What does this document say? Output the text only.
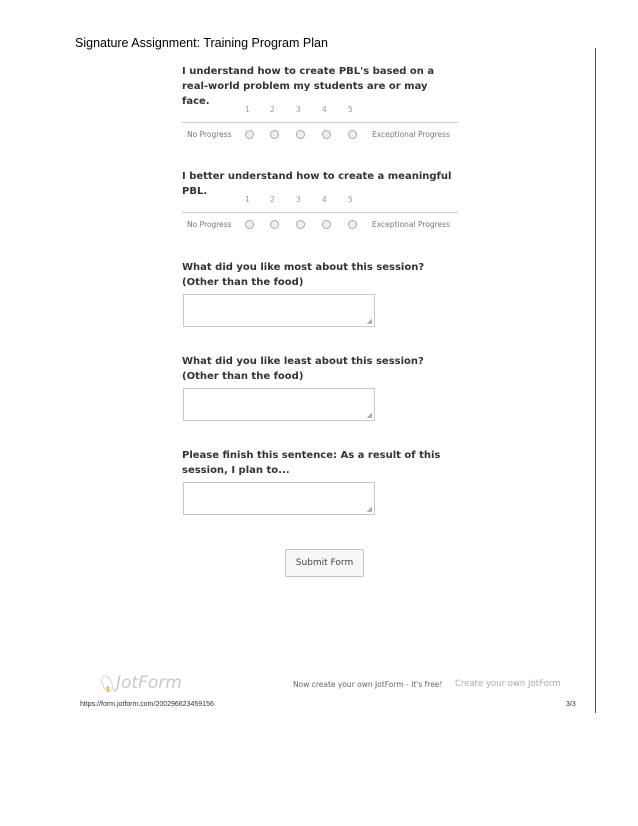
Signature Assignment: Training Program Plan
I understand how to create PBL's based on a real-world problem my students are or may face.
1	2	3	4	5
No Progress	Exceptional Progress
I better understand how to create a meaningful PBL.
1	2	3	4	5
No Progress	Exceptional Progress
What did you like most about this session? (Other than the food)
◢
What did you like least about this session? (Other than the food)
◢
Please finish this sentence: As a result of this session, I plan to...
◢
Submit Form
JotForm	Now create your own JotForm - It's free! Create your own JotForm
https://form.jotform.com/200296623459156	3/3
